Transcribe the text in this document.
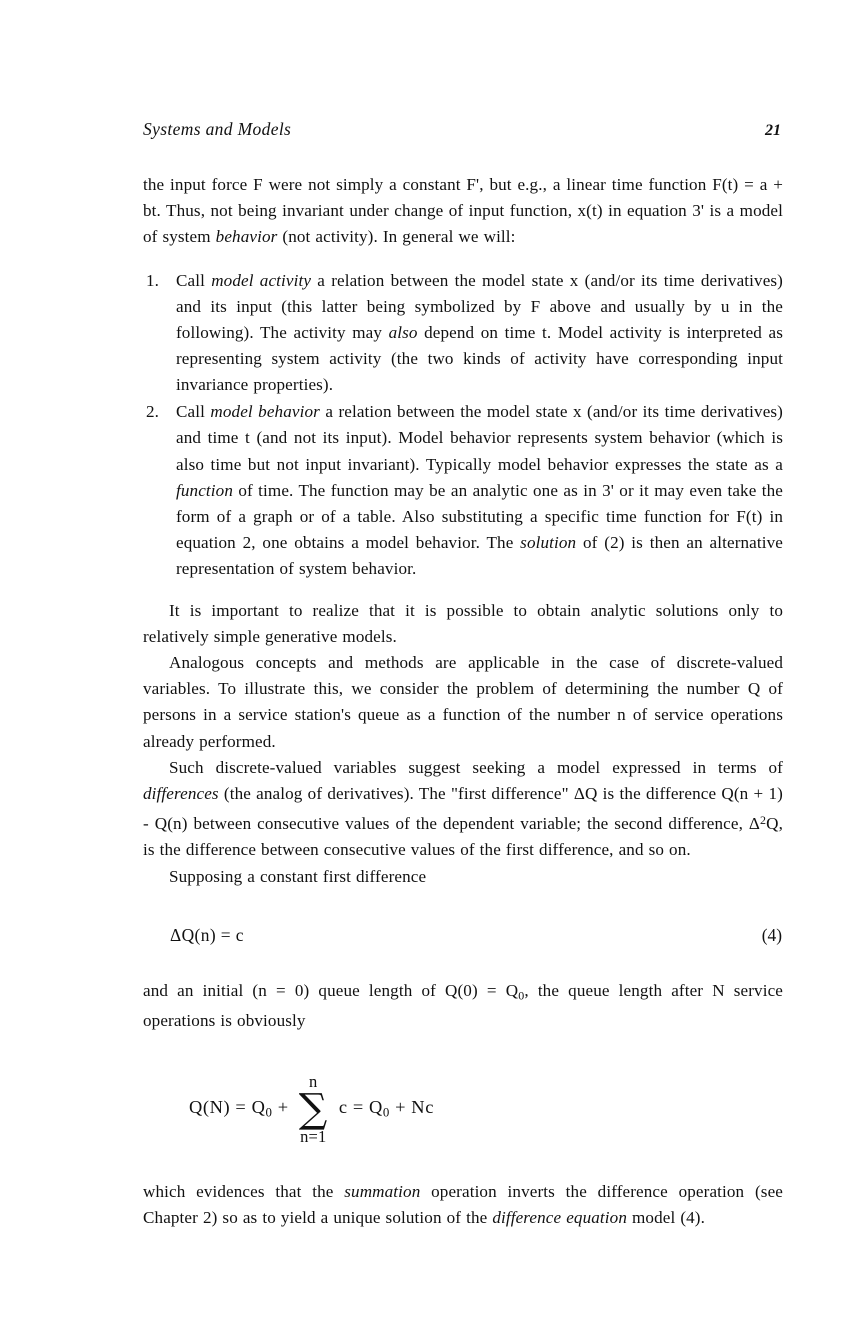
Systems and Models	21

the input force F were not simply a constant F', but e.g., a linear time function F(t) = a + bt. Thus, not being invariant under change of input function, x(t) in equation 3' is a model of system behavior (not activity). In general we will:

1. Call model activity a relation between the model state x (and/or its time derivatives) and its input (this latter being symbolized by F above and usually by u in the following). The activity may also depend on time t. Model activity is interpreted as representing system activity (the two kinds of activity have corresponding input invariance properties).
2. Call model behavior a relation between the model state x (and/or its time derivatives) and time t (and not its input). Model behavior represents system behavior (which is also time but not input invariant). Typically model behavior expresses the state as a function of time. The function may be an analytic one as in 3' or it may even take the form of a graph or of a table. Also substituting a specific time function for F(t) in equation 2, one obtains a model behavior. The solution of (2) is then an alternative representation of system behavior.

It is important to realize that it is possible to obtain analytic solutions only to relatively simple generative models.

Analogous concepts and methods are applicable in the case of discrete-valued variables. To illustrate this, we consider the problem of determining the number Q of persons in a service station's queue as a function of the number n of service operations already performed.

Such discrete-valued variables suggest seeking a model expressed in terms of differences (the analog of derivatives). The "first difference" ΔQ is the difference Q(n + 1) - Q(n) between consecutive values of the dependent variable; the second difference, $\Delta^2Q$, is the difference between consecutive values of the first difference, and so on.

Supposing a constant first difference

ΔQ(n) = c	(4)

and an initial (n = 0) queue length of $Q(0) = Q_0$, the queue length after N service operations is obviously

$Q(N) = Q_0$ +
n
∑
n=1
$c = Q_0 + Nc$

which evidences that the summation operation inverts the difference operation (see Chapter 2) so as to yield a unique solution of the difference equation model (4).
